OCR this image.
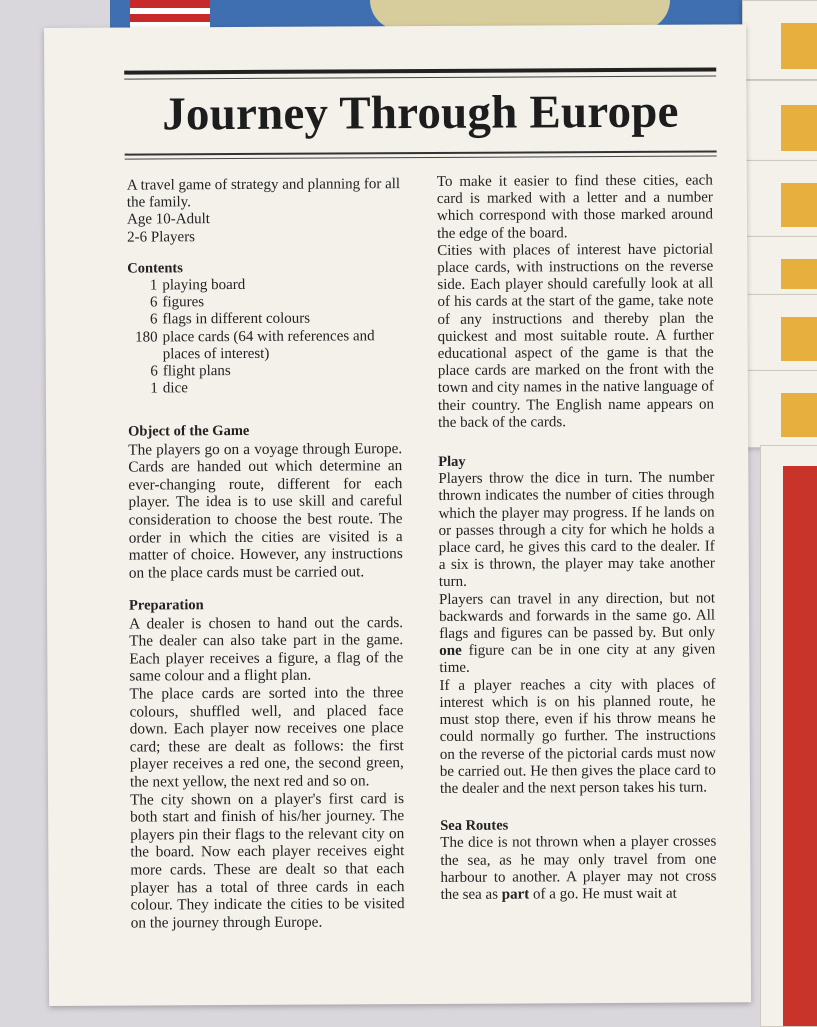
Journey Through Europe

A travel game of strategy and planning for all the family.

Age 10-Adult

2-6 Players

Contents

1 playing board
6 figures
6 flags in different colours
180 place cards (64 with references and places of interest)
6 flight plans
1 dice

Object of the Game

The players go on a voyage through Europe. Cards are handed out which determine an ever-changing route, different for each player. The idea is to use skill and careful consideration to choose the best route. The order in which the cities are visited is a matter of choice. However, any instructions on the place cards must be carried out.

Preparation

A dealer is chosen to hand out the cards. The dealer can also take part in the game. Each player receives a figure, a flag of the same colour and a flight plan.

The place cards are sorted into the three colours, shuffled well, and placed face down. Each player now receives one place card; these are dealt as follows: the first player receives a red one, the second green, the next yellow, the next red and so on.

The city shown on a player's first card is both start and finish of his/her journey. The players pin their flags to the relevant city on the board. Now each player receives eight more cards. These are dealt so that each player has a total of three cards in each colour. They indicate the cities to be visited on the journey through Europe.

To make it easier to find these cities, each card is marked with a letter and a number which correspond with those marked around the edge of the board.

Cities with places of interest have pictorial place cards, with instructions on the reverse side. Each player should carefully look at all of his cards at the start of the game, take note of any instructions and thereby plan the quickest and most suitable route. A further educational aspect of the game is that the place cards are marked on the front with the town and city names in the native language of their country. The English name appears on the back of the cards.

Play

Players throw the dice in turn. The number thrown indicates the number of cities through which the player may progress. If he lands on or passes through a city for which he holds a place card, he gives this card to the dealer. If a six is thrown, the player may take another turn.

Players can travel in any direction, but not backwards and forwards in the same go. All flags and figures can be passed by. But only one figure can be in one city at any given time.

If a player reaches a city with places of interest which is on his planned route, he must stop there, even if his throw means he could normally go further. The instructions on the reverse of the pictorial cards must now be carried out. He then gives the place card to the dealer and the next person takes his turn.

Sea Routes

The dice is not thrown when a player crosses the sea, as he may only travel from one harbour to another. A player may not cross the sea as part of a go. He must wait at
